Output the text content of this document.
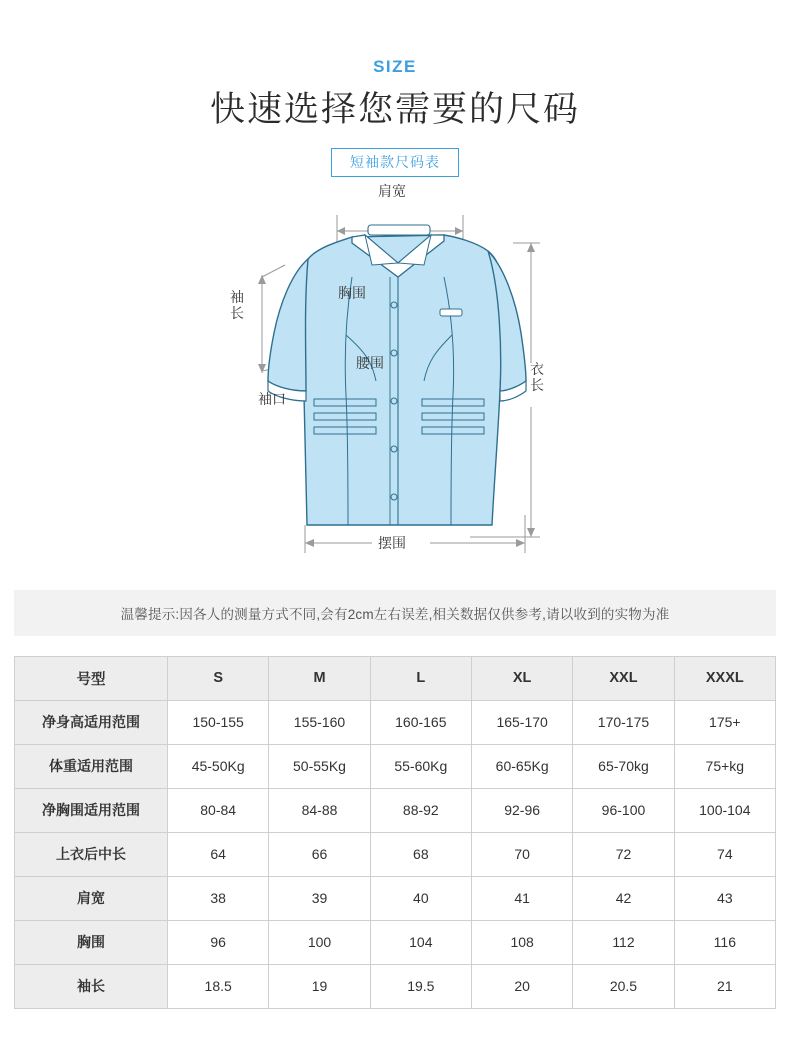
SIZE
快速选择您需要的尺码
短袖款尺码表
肩宽
袖长
胸围
腰围
袖口
衣长
摆围
温馨提示:因各人的测量方式不同,会有2cm左右误差,相关数据仅供参考,请以收到的实物为准
号型	S	M	L	XL	XXL	XXXL
净身高适用范围	150-155	155-160	160-165	165-170	170-175	175+
体重适用范围	45-50Kg	50-55Kg	55-60Kg	60-65Kg	65-70kg	75+kg
净胸围适用范围	80-84	84-88	88-92	92-96	96-100	100-104
上衣后中长	64	66	68	70	72	74
肩宽	38	39	40	41	42	43
胸围	96	100	104	108	112	116
袖长	18.5	19	19.5	20	20.5	21
